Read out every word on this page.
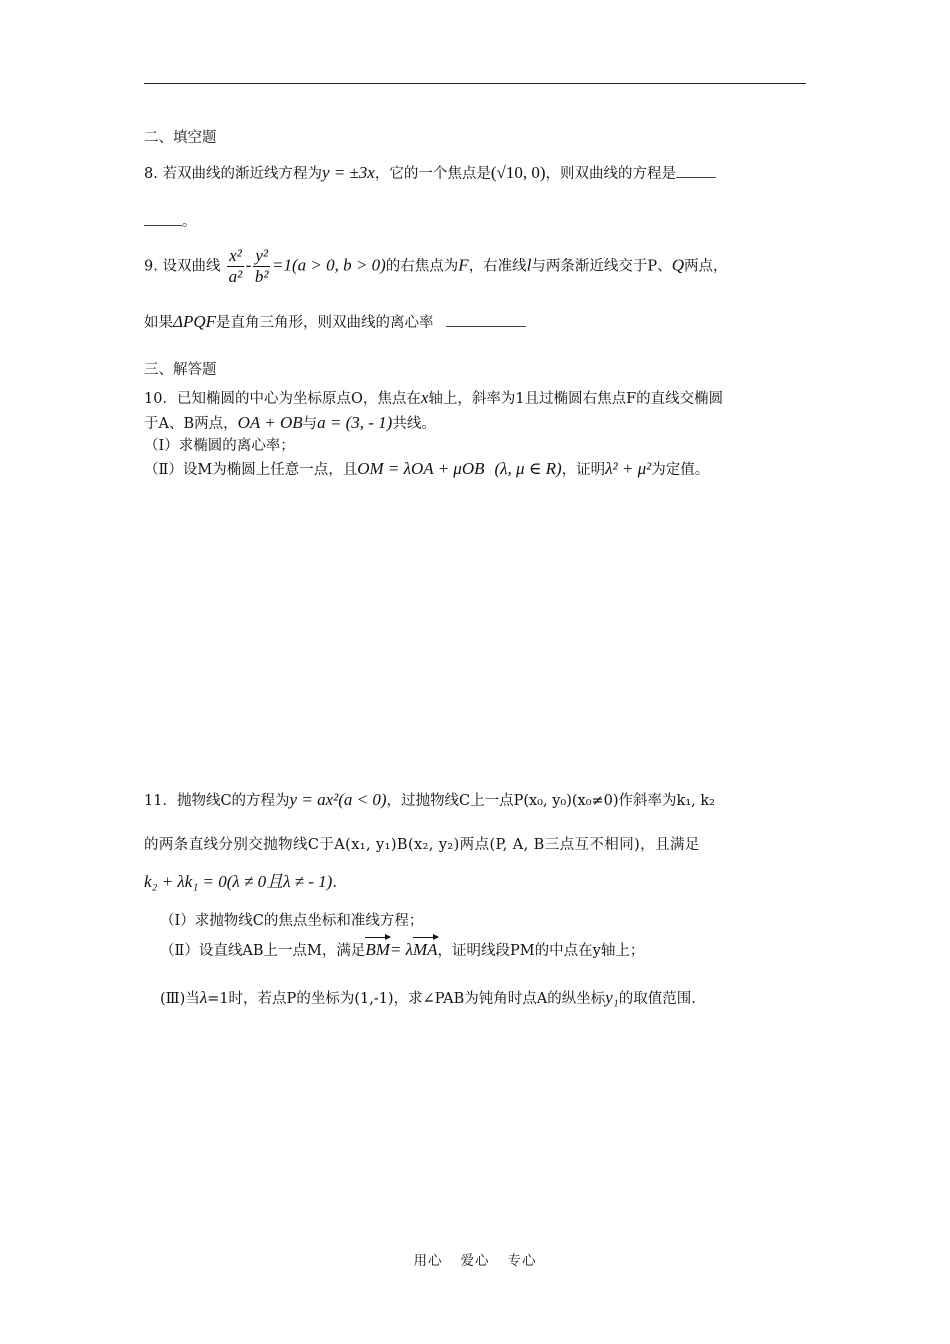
二、填空题
8. 若双曲线的渐近线方程为y = ±3x，它的一个焦点是(√10, 0)，则双曲线的方程是
。
9. 设双曲线 $\frac{\text{x²}}{\text{a²}} - \frac{\text{y²}}{\text{b²}} =1(a > 0$, b > 0)的右焦点为F，右准线l与两条渐近线交于P、Q两点，
如果ΔPQF是直角三角形，则双曲线的离心率
三、解答题
10．已知椭圆的中心为坐标原点O，焦点在x轴上，斜率为1且过椭圆右焦点F的直线交椭圆
于A、B两点，OA + OB与a = (3, - 1)共线。
（Ⅰ）求椭圆的离心率；
（Ⅱ）设M为椭圆上任意一点，且OM = λOA + μOB (λ, μ ∈ R)，证明λ² + μ²为定值。
11．抛物线C的方程为y = ax²(a < 0)，过抛物线C上一点P(x₀, y₀)(x₀≠0)作斜率为k₁, k₂
的两条直线分别交抛物线C于A(x₁, y₁)B(x₂, y₂)两点(P, A, B三点互不相同)，且满足
k₂ + λk₁ = 0(λ ≠ 0且λ ≠ - 1).
（Ⅰ）求抛物线C的焦点坐标和准线方程；
（Ⅱ）设直线AB上一点M，满足BM= λMA，证明线段PM的中点在y轴上；
(Ⅲ)当λ=1时，若点P的坐标为(1,-1)，求∠PAB为钝角时点A的纵坐标y₁的取值范围.
用心 爱心 专心
